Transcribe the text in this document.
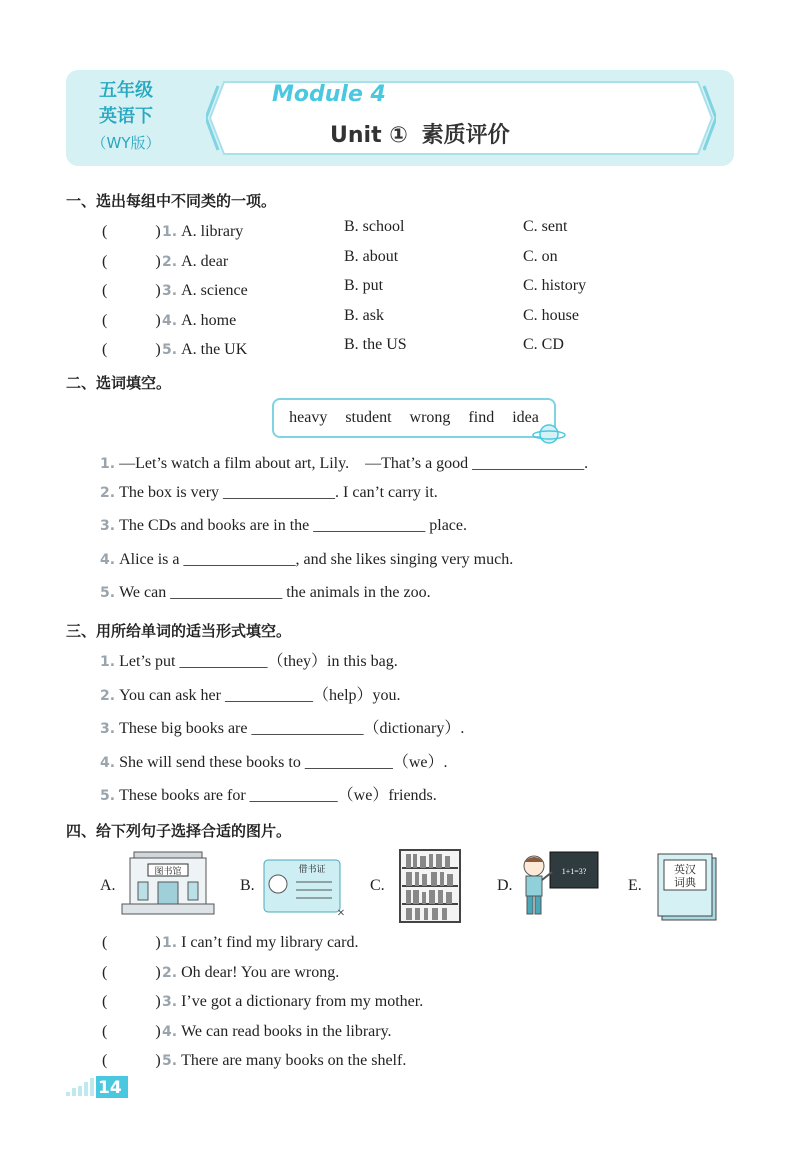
五年级
英语下
（WY版）
Module 4
Unit ① 素质评价
一、选出每组中不同类的一项。
(　　　)1. A. library	B. school	C. sent
(　　　)2. A. dear	B. about	C. on
(　　　)3. A. science	B. put	C. history
(　　　)4. A. home	B. ask	C. house
(　　　)5. A. the UK	B. the US	C. CD
二、选词填空。
heavy student wrong find idea
1. —Let’s watch a film about art, Lily.　—That’s a good ______________.
2. The box is very ______________. I can’t carry it.
3. The CDs and books are in the ______________ place.
4. Alice is a ______________, and she likes singing very much.
5. We can ______________ the animals in the zoo.
三、用所给单词的适当形式填空。
1. Let’s put ___________（they）in this bag.
2. You can ask her ___________（help）you.
3. These big books are ______________（dictionary）.
4. She will send these books to ___________（we）.
5. These books are for ___________（we）friends.
四、给下列句子选择合适的图片。
A.
图书馆
B.
借书证
×
C.	D.
1+1=3?
E.
英汉
词典
(　　　)1. I can’t find my library card.
(　　　)2. Oh dear! You are wrong.
(　　　)3. I’ve got a dictionary from my mother.
(　　　)4. We can read books in the library.
(　　　)5. There are many books on the shelf.
14
